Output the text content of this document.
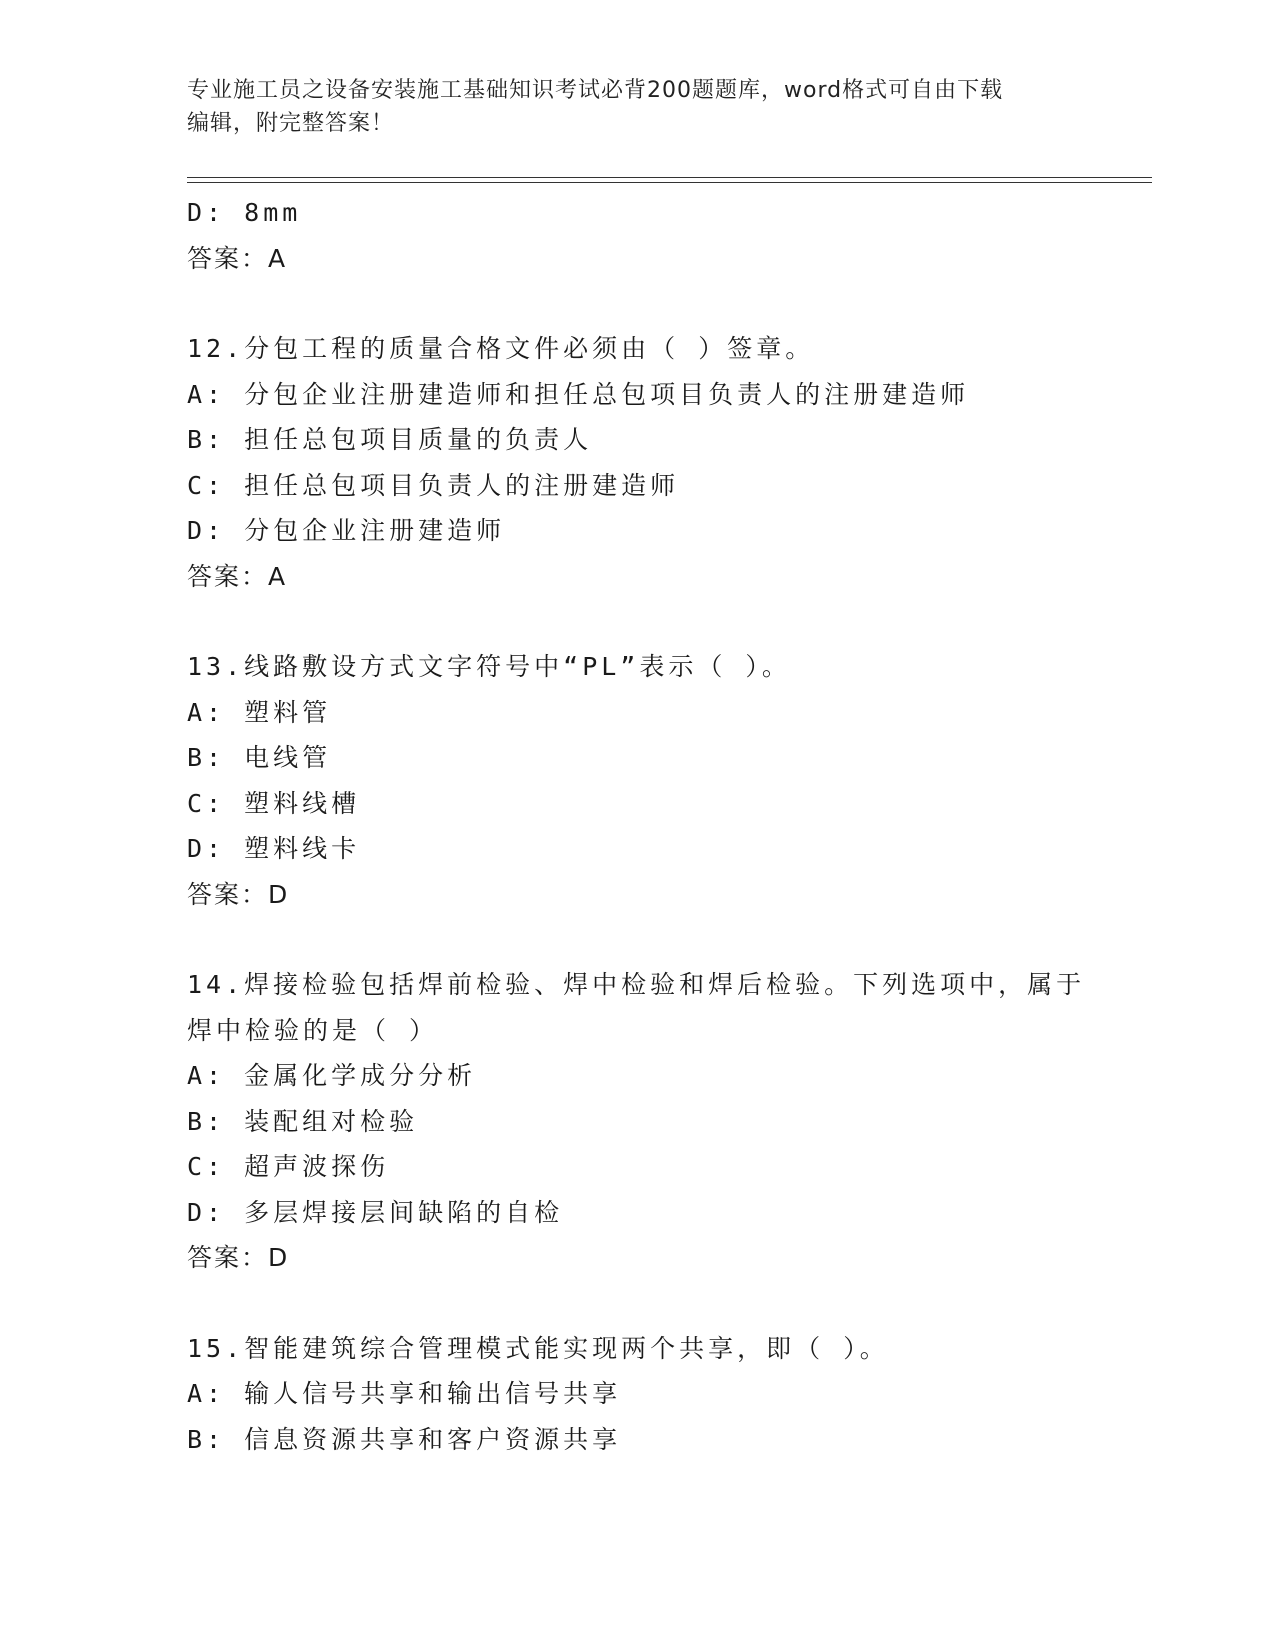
专业施工员之设备安装施工基础知识考试必背200题题库，word格式可自由下载
编辑，附完整答案！
D: 8mm
答案：A
12.分包工程的质量合格文件必须由（ ）签章。
A: 分包企业注册建造师和担任总包项目负责人的注册建造师
B: 担任总包项目质量的负责人
C: 担任总包项目负责人的注册建造师
D: 分包企业注册建造师
答案：A
13.线路敷设方式文字符号中“PL”表示（ ）。
A: 塑料管
B: 电线管
C: 塑料线槽
D: 塑料线卡
答案：D
14.焊接检验包括焊前检验、焊中检验和焊后检验。下列选项中，属于
焊中检验的是（ ）
A: 金属化学成分分析
B: 装配组对检验
C: 超声波探伤
D: 多层焊接层间缺陷的自检
答案：D
15.智能建筑综合管理模式能实现两个共享，即（ ）。
A: 输人信号共享和输出信号共享
B: 信息资源共享和客户资源共享
